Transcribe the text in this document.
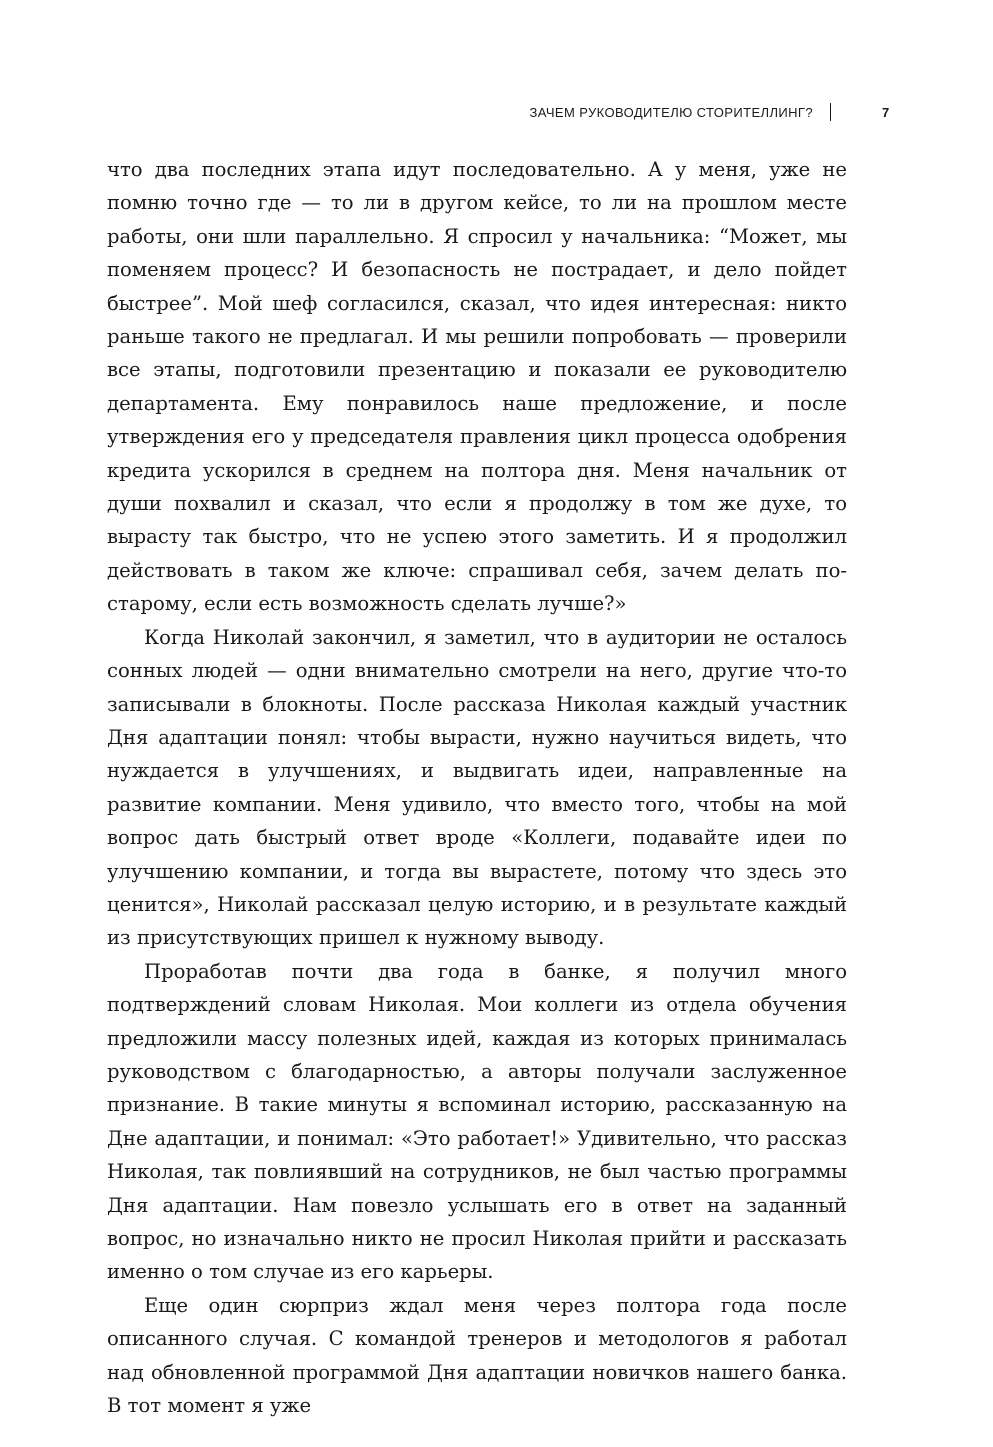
ЗАЧЕМ РУКОВОДИТЕЛЮ СТОРИТЕЛЛИНГ?	7

что два последних этапа идут последовательно. А у меня, уже не помню точно где — то ли в другом кейсе, то ли на прошлом месте работы, они шли параллельно. Я спросил у начальника: “Может, мы поменяем процесс? И безопасность не пострадает, и дело пойдет быстрее”. Мой шеф согласился, сказал, что идея интересная: никто раньше такого не предлагал. И мы решили попробовать — проверили все этапы, подготовили презентацию и показали ее руководителю департамента. Ему понравилось наше предложение, и после утверждения его у председателя правления цикл процесса одобрения кредита ускорился в среднем на полтора дня. Меня начальник от души похвалил и сказал, что если я продолжу в том же духе, то вырасту так быстро, что не успею этого заметить. И я продолжил действовать в таком же ключе: спрашивал себя, зачем делать по-старому, если есть возможность сделать лучше?»

Когда Николай закончил, я заметил, что в аудитории не осталось сонных людей — одни внимательно смотрели на него, другие что-то записывали в блокноты. После рассказа Николая каждый участник Дня адаптации понял: чтобы вырасти, нужно научиться видеть, что нуждается в улучшениях, и выдвигать идеи, направленные на развитие компании. Меня удивило, что вместо того, чтобы на мой вопрос дать быстрый ответ вроде «Коллеги, подавайте идеи по улучшению компании, и тогда вы вырастете, потому что здесь это ценится», Николай рассказал целую историю, и в результате каждый из присутствующих пришел к нужному выводу.

Проработав почти два года в банке, я получил много подтверждений словам Николая. Мои коллеги из отдела обучения предложили массу полезных идей, каждая из которых принималась руководством с благодарностью, а авторы получали заслуженное признание. В такие минуты я вспоминал историю, рассказанную на Дне адаптации, и понимал: «Это работает!» Удивительно, что рассказ Николая, так повлиявший на сотрудников, не был частью программы Дня адаптации. Нам повезло услышать его в ответ на заданный вопрос, но изначально никто не просил Николая прийти и рассказать именно о том случае из его карьеры.

Еще один сюрприз ждал меня через полтора года после описанного случая. С командой тренеров и методологов я работал над обновленной программой Дня адаптации новичков нашего банка. В тот момент я уже
